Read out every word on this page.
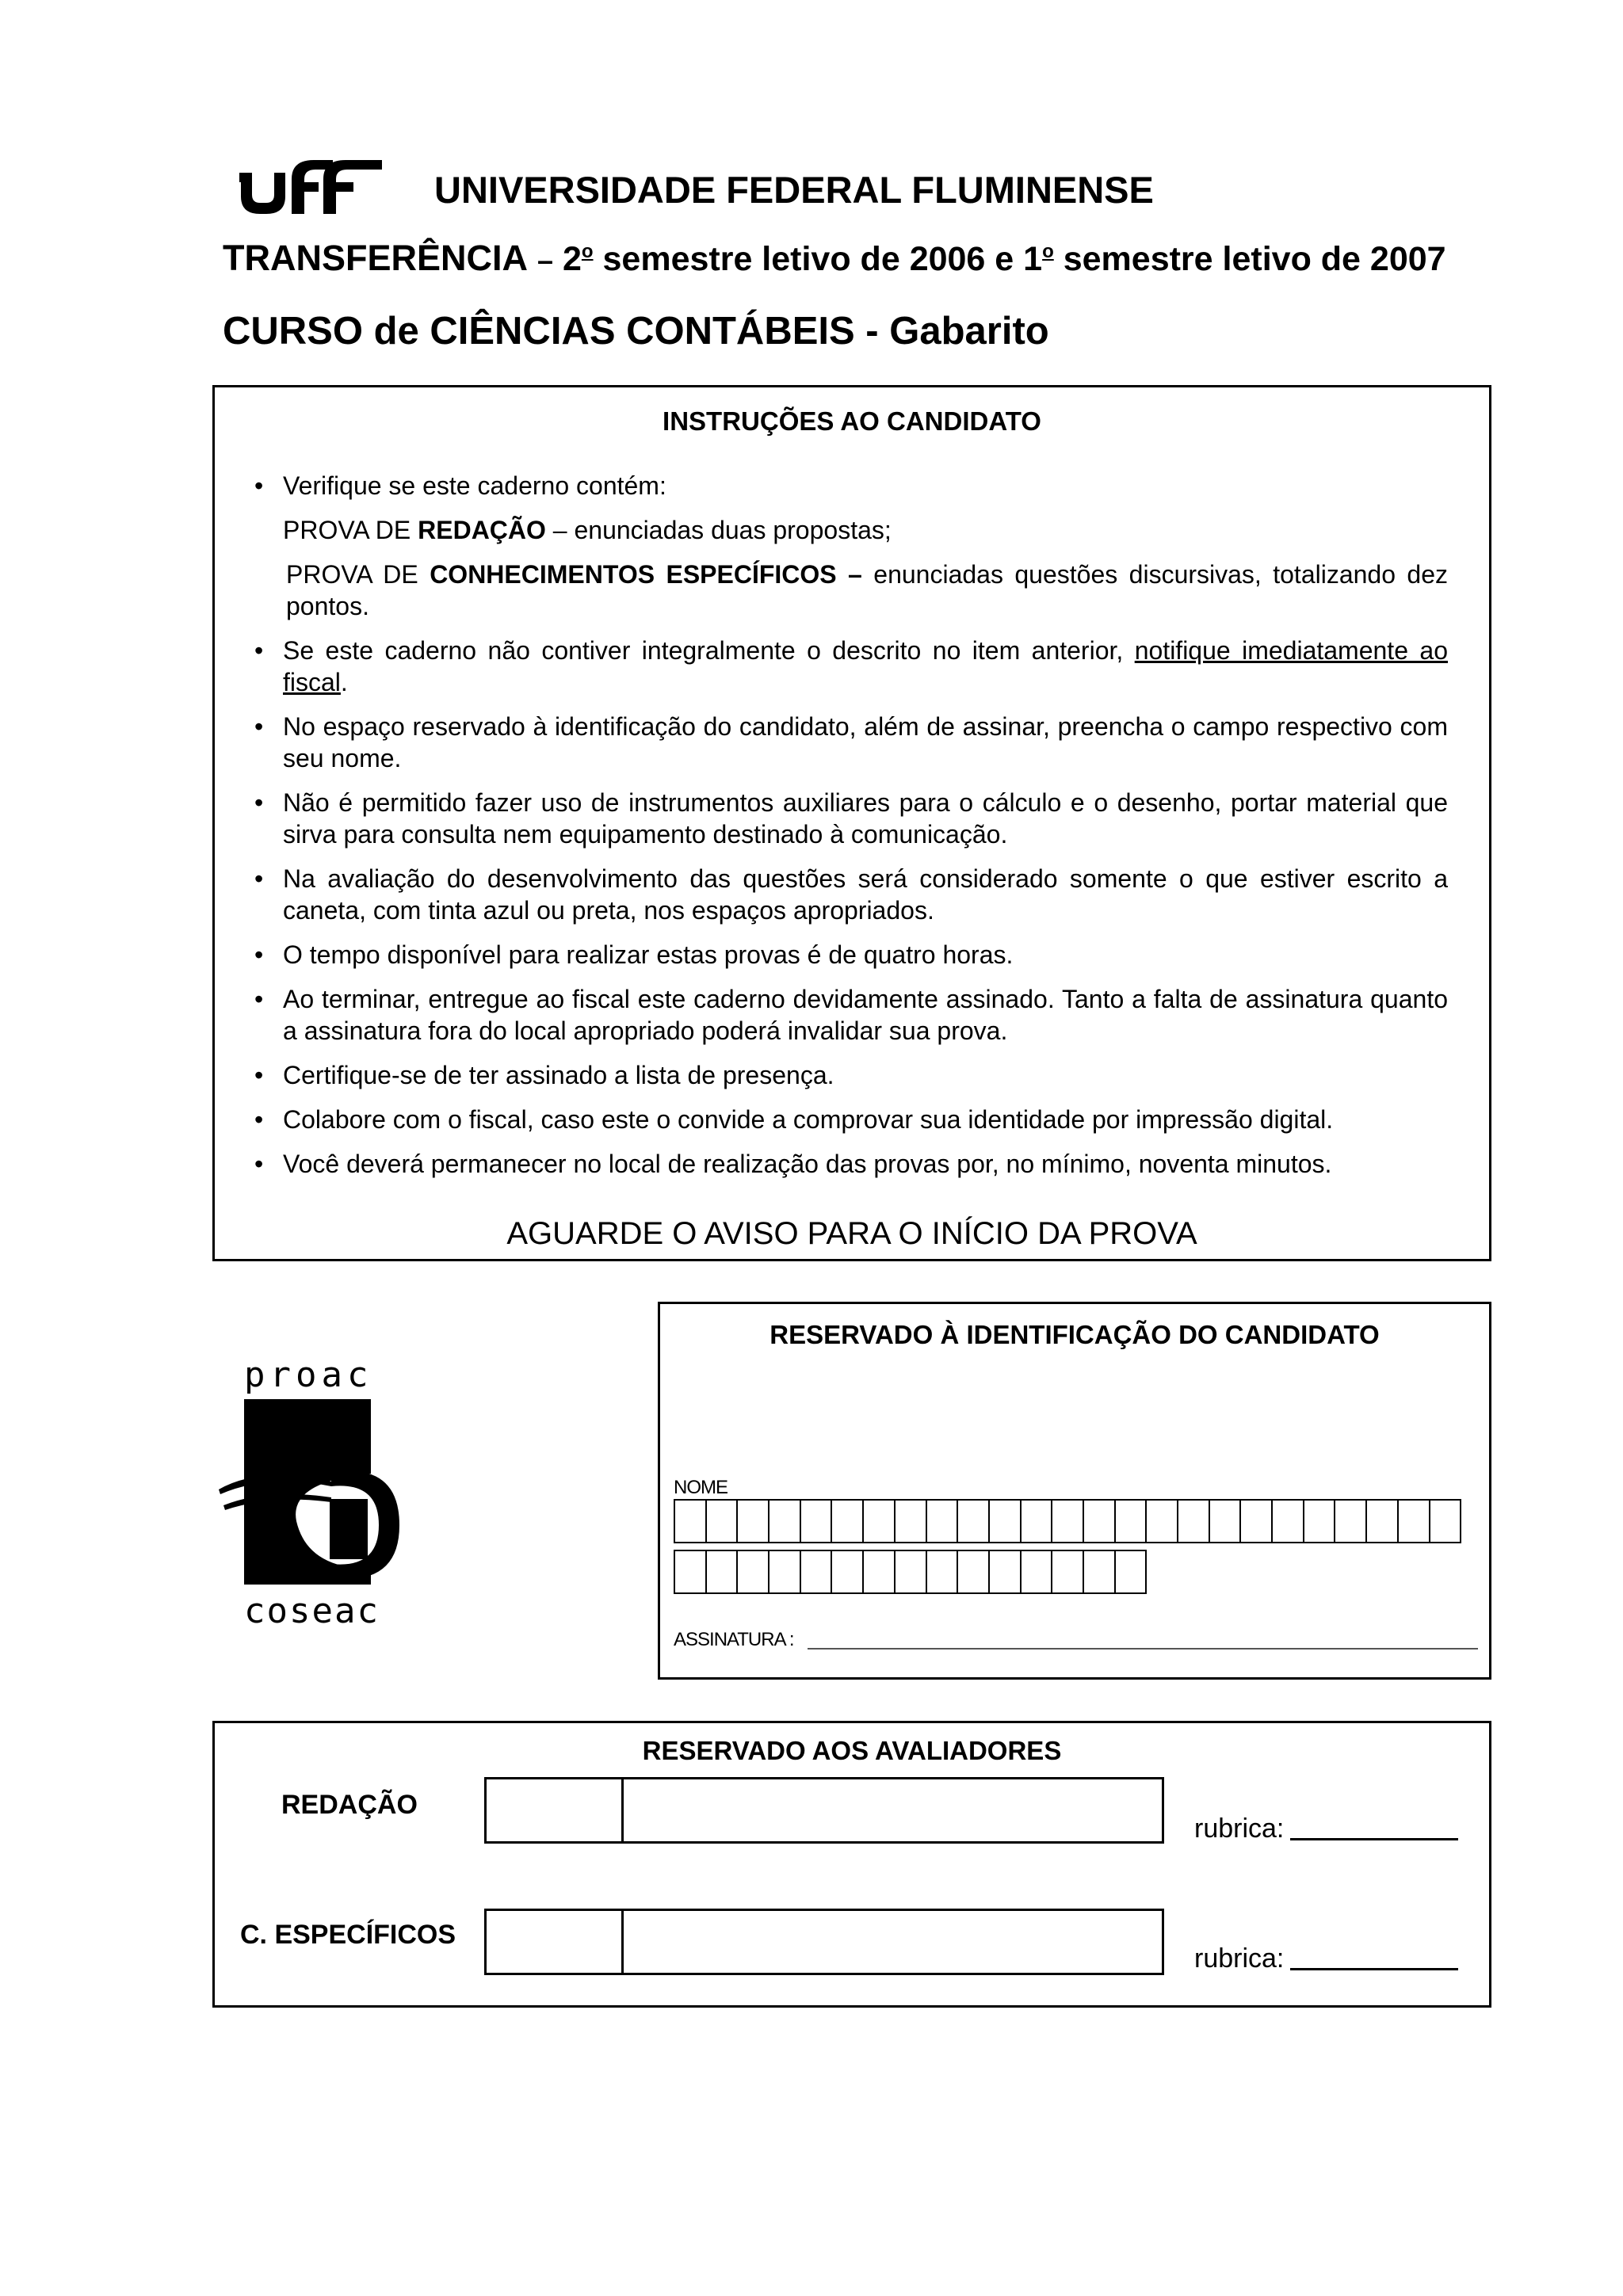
uff
UNIVERSIDADE FEDERAL FLUMINENSE
TRANSFERÊNCIA – 2$^o$ semestre letivo de 2006 e 1$^o$ semestre letivo de 2007
CURSO de CIÊNCIAS CONTÁBEIS - Gabarito
INSTRUÇÕES AO CANDIDATO
• Verifique se este caderno contém:
PROVA DE REDAÇÃO – enunciadas duas propostas;
PROVA DE CONHECIMENTOS ESPECÍFICOS – enunciadas questões discursivas, totalizando dez pontos.
• Se este caderno não contiver integralmente o descrito no item anterior, notifique imediatamente ao fiscal.
• No espaço reservado à identificação do candidato, além de assinar, preencha o campo respectivo com seu nome.
• Não é permitido fazer uso de instrumentos auxiliares para o cálculo e o desenho, portar material que sirva para consulta nem equipamento destinado à comunicação.
• Na avaliação do desenvolvimento das questões será considerado somente o que estiver escrito a caneta, com tinta azul ou preta, nos espaços apropriados.
• O tempo disponível para realizar estas provas é de quatro horas.
• Ao terminar, entregue ao fiscal este caderno devidamente assinado. Tanto a falta de assinatura quanto a assinatura fora do local apropriado poderá invalidar sua prova.
• Certifique-se de ter assinado a lista de presença.
• Colabore com o fiscal, caso este o convide a comprovar sua identidade por impressão digital.
• Você deverá permanecer no local de realização das provas por, no mínimo, noventa minutos.
AGUARDE O AVISO PARA O INÍCIO DA PROVA
proac
coseac
RESERVADO À IDENTIFICAÇÃO DO CANDIDATO
NOME
ASSINATURA :
RESERVADO AOS AVALIADORES
REDAÇÃO
rubrica:
C. ESPECÍFICOS
rubrica:
